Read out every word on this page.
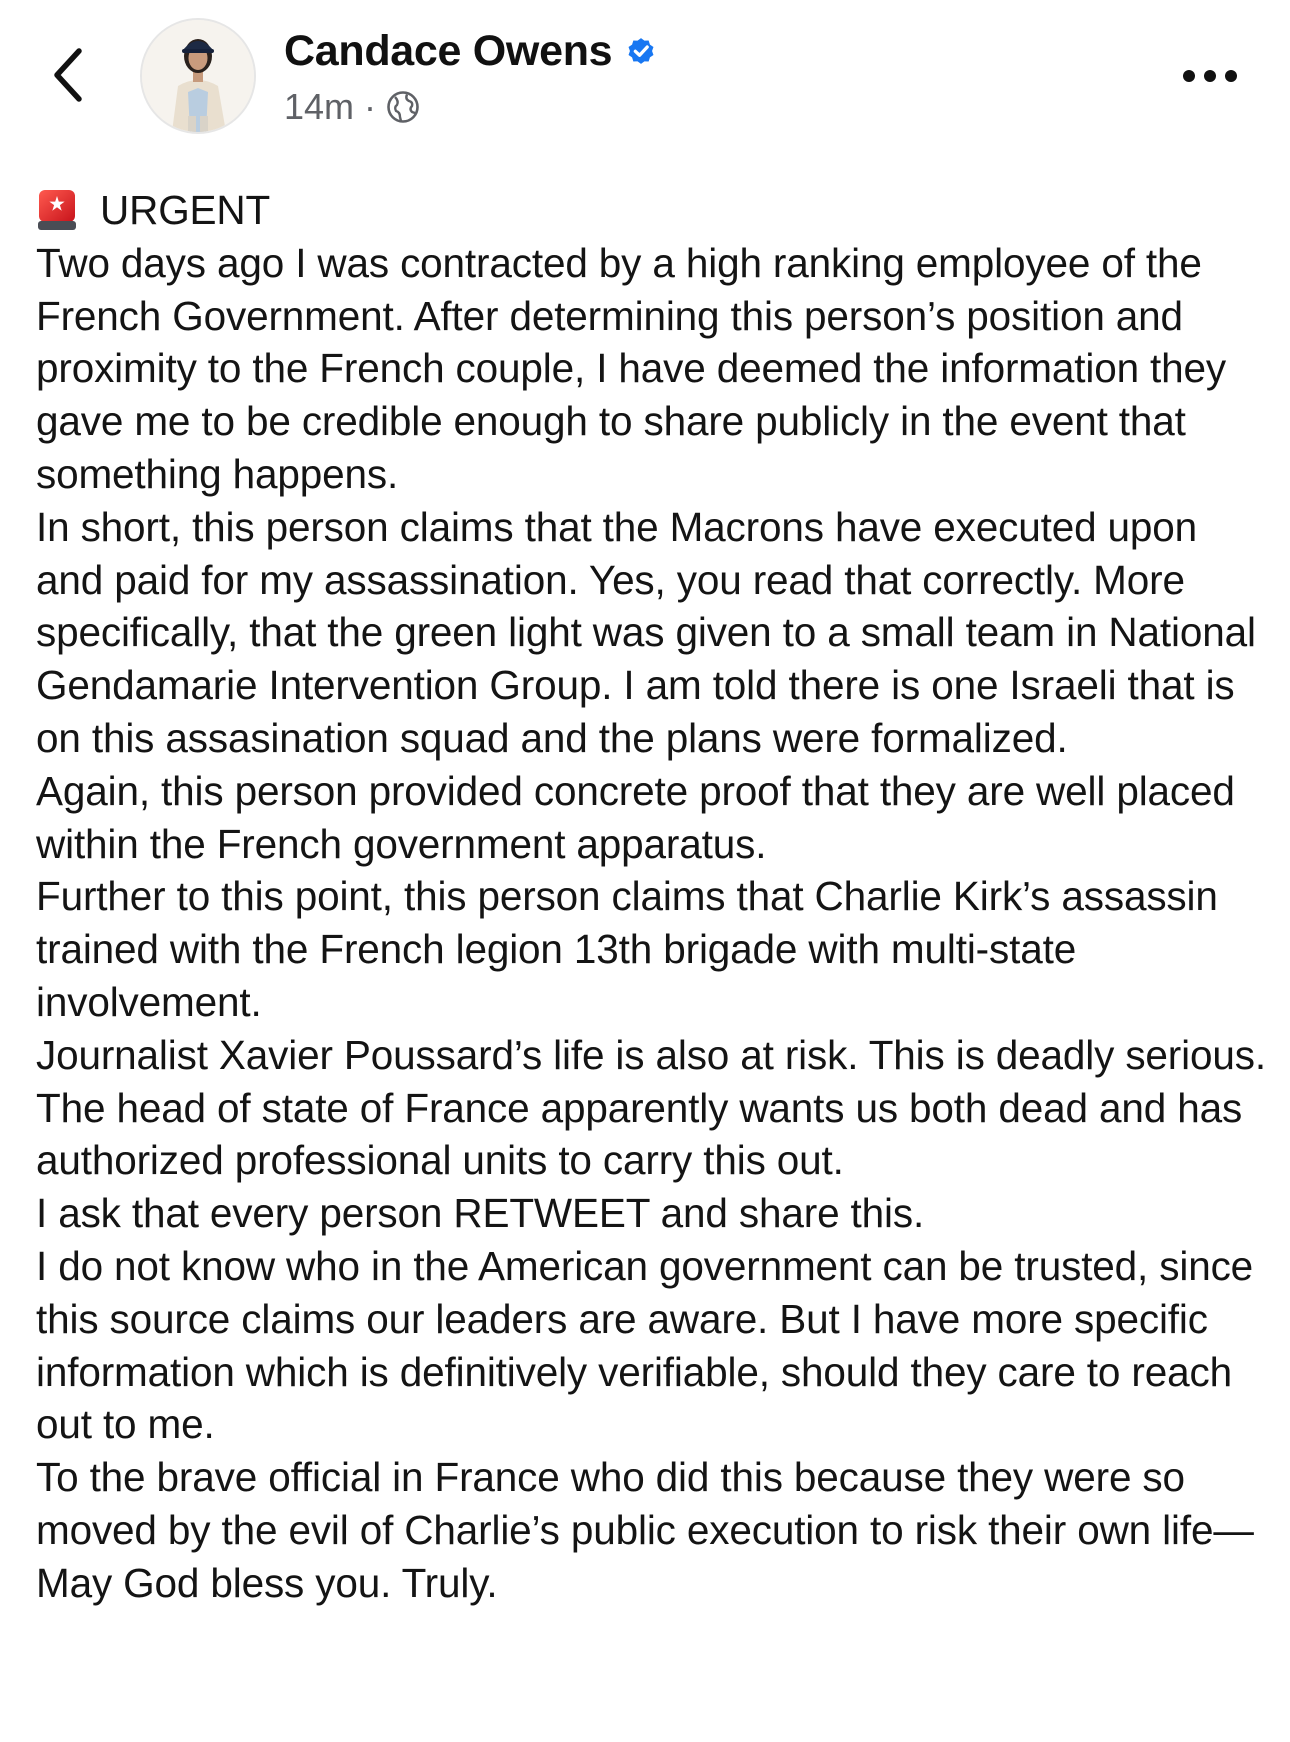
Candace Owens
14m ·
URGENT

Two days ago I was contracted by a high ranking employee of the French Government. After determining this person’s position and proximity to the French couple, I have deemed the information they gave me to be credible enough to share publicly in the event that something happens.

In short, this person claims that the Macrons have executed upon and paid for my assassination. Yes, you read that correctly. More specifically, that the green light was given to a small team in National Gendamarie Intervention Group. I am told there is one Israeli that is on this assasination squad and the plans were formalized.

Again, this person provided concrete proof that they are well placed within the French government apparatus.

Further to this point, this person claims that Charlie Kirk’s assassin trained with the French legion 13th brigade with multi-state involvement.

Journalist Xavier Poussard’s life is also at risk. This is deadly serious. The head of state of France apparently wants us both dead and has authorized professional units to carry this out.

I ask that every person RETWEET and share this.

I do not know who in the American government can be trusted, since this source claims our leaders are aware. But I have more specific information which is definitively verifiable, should they care to reach out to me.

To the brave official in France who did this because they were so moved by the evil of Charlie’s public execution to risk their own life— May God bless you. Truly.
